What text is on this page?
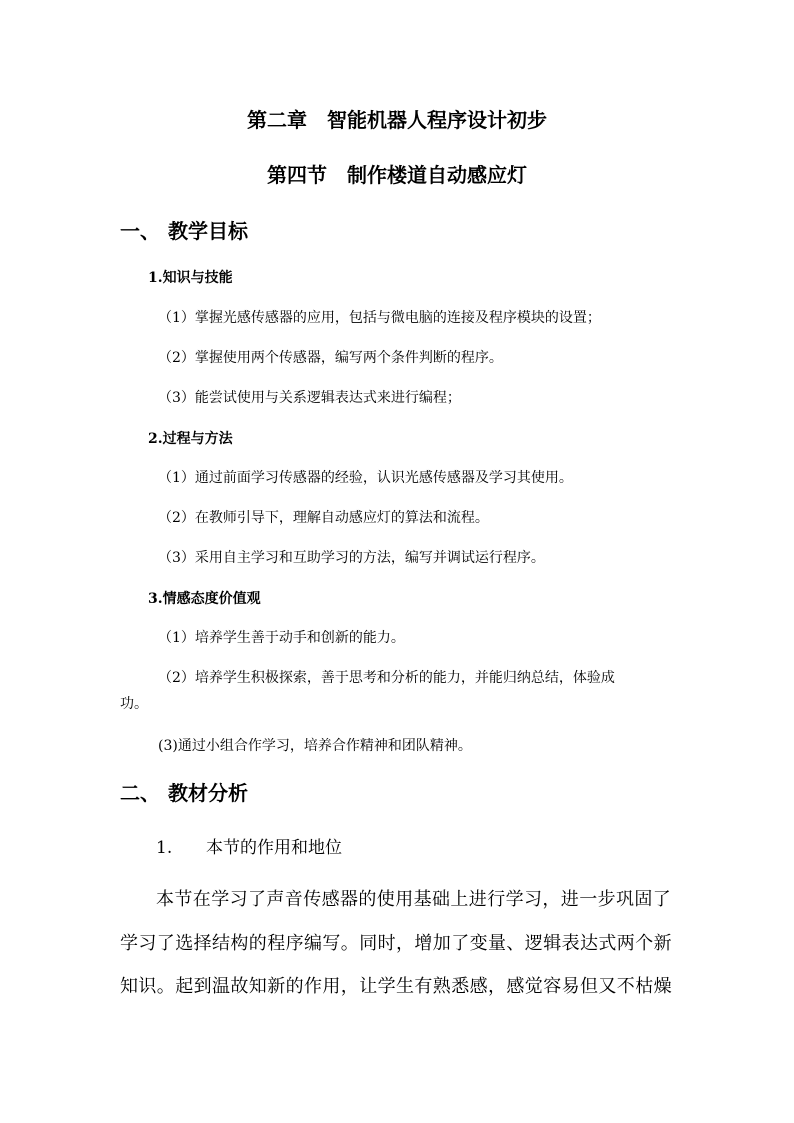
第二章　智能机器人程序设计初步
第四节　制作楼道自动感应灯
一、 教学目标
1.知识与技能
（1）掌握光感传感器的应用，包括与微电脑的连接及程序模块的设置；
（2）掌握使用两个传感器，编写两个条件判断的程序。
（3）能尝试使用与关系逻辑表达式来进行编程；
2.过程与方法
（1）通过前面学习传感器的经验，认识光感传感器及学习其使用。
（2）在教师引导下，理解自动感应灯的算法和流程。
（3）采用自主学习和互助学习的方法，编写并调试运行程序。
3.情感态度价值观
（1）培养学生善于动手和创新的能力。
（2）培养学生积极探索，善于思考和分析的能力，并能归纳总结，体验成
功。
(3)通过小组合作学习，培养合作精神和团队精神。
二、 教材分析
1. 本节的作用和地位
本节在学习了声音传感器的使用基础上进行学习，进一步巩固了
学习了选择结构的程序编写。同时，增加了变量、逻辑表达式两个新
知识。起到温故知新的作用，让学生有熟悉感，感觉容易但又不枯燥
